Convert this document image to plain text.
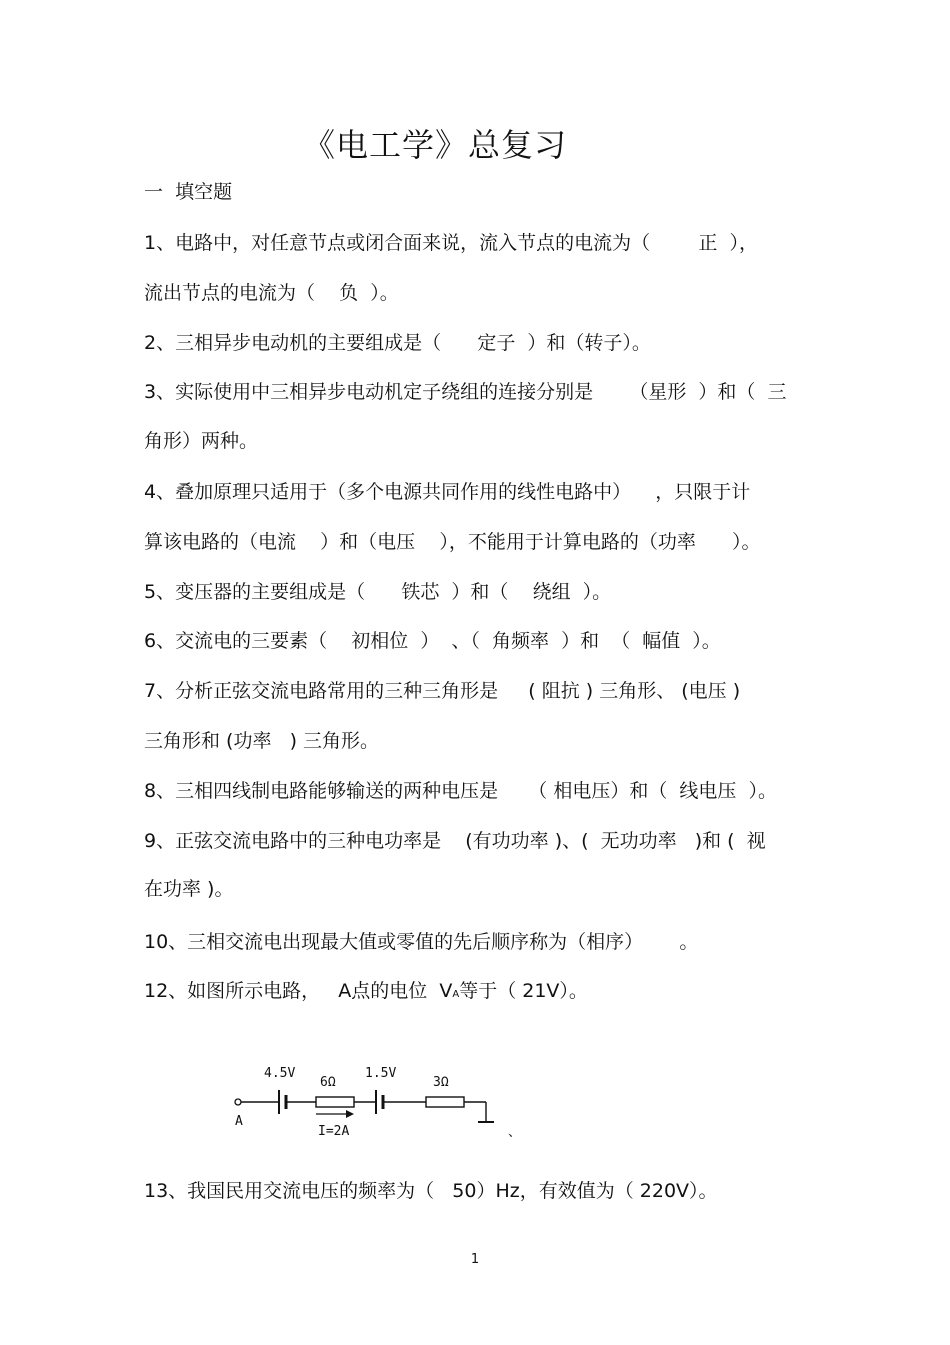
《电工学》总复习
一  填空题
1、电路中，对任意节点或闭合面来说，流入节点的电流为（        正  ），
流出节点的电流为（    负  ）。
2、三相异步电动机的主要组成是（      定子  ）和（转子）。
3、实际使用中三相异步电动机定子绕组的连接分别是      （星形  ）和（  三
角形）两种。
4、叠加原理只适用于（多个电源共同作用的线性电路中）    ，只限于计
算该电路的（电流    ）和（电压    ），不能用于计算电路的（功率      ）。
5、变压器的主要组成是（      铁芯  ）和（    绕组  ）。
6、交流电的三要素（    初相位  ）  、（  角频率  ）和  （  幅值  ）。
7、分析正弦交流电路常用的三种三角形是     ( 阻抗 ) 三角形、 (电压 )
三角形和 (功率   ) 三角形。
8、三相四线制电路能够输送的两种电压是     （ 相电压）和（  线电压  ）。
9、正弦交流电路中的三种电功率是    (有功功率 )、(  无功功率   )和 (  视
在功率 )。
10、三相交流电出现最大值或零值的先后顺序称为（相序）      。
12、如图所示电路，   A点的电位  VA等于（ 21V）。
A
4.5V
6Ω
1.5V
3Ω
I=2A	、
13、我国民用交流电压的频率为（   50）Hz，有效值为（ 220V）。
1
